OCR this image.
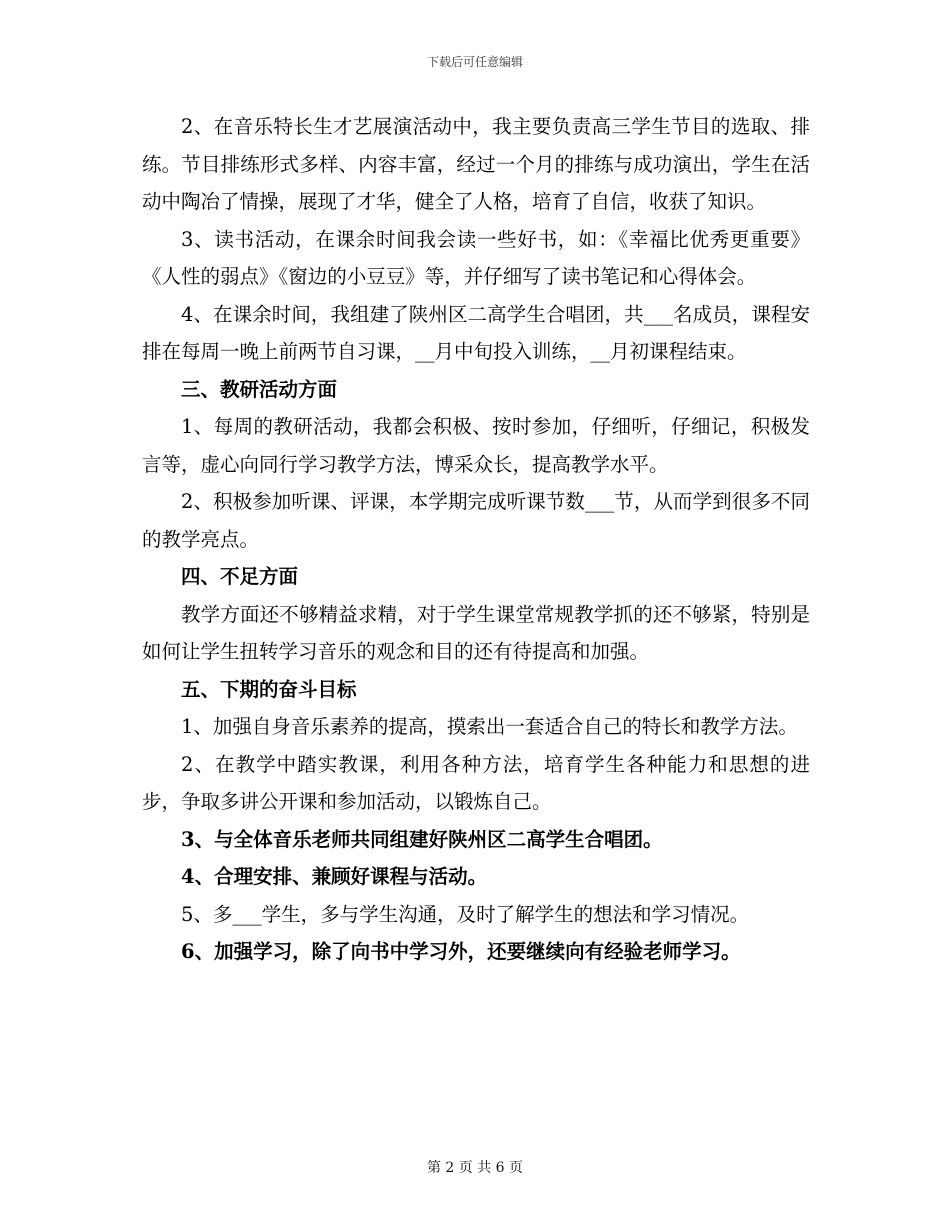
下载后可任意编辑

2、在音乐特长生才艺展演活动中，我主要负责高三学生节目的选取、排练。节目排练形式多样、内容丰富，经过一个月的排练与成功演出，学生在活动中陶冶了情操，展现了才华，健全了人格，培育了自信，收获了知识。

3、读书活动，在课余时间我会读一些好书，如：《幸福比优秀更重要》《人性的弱点》《窗边的小豆豆》等，并仔细写了读书笔记和心得体会。

4、在课余时间，我组建了陕州区二高学生合唱团，共___名成员，课程安排在每周一晚上前两节自习课，__月中旬投入训练，__月初课程结束。

三、教研活动方面

1、每周的教研活动，我都会积极、按时参加，仔细听，仔细记，积极发言等，虚心向同行学习教学方法，博采众长，提高教学水平。

2、积极参加听课、评课，本学期完成听课节数___节，从而学到很多不同的教学亮点。

四、不足方面

教学方面还不够精益求精，对于学生课堂常规教学抓的还不够紧，特别是如何让学生扭转学习音乐的观念和目的还有待提高和加强。

五、下期的奋斗目标

1、加强自身音乐素养的提高，摸索出一套适合自己的特长和教学方法。

2、在教学中踏实教课，利用各种方法，培育学生各种能力和思想的进步，争取多讲公开课和参加活动，以锻炼自己。

3、与全体音乐老师共同组建好陕州区二高学生合唱团。

4、合理安排、兼顾好课程与活动。

5、多___学生，多与学生沟通，及时了解学生的想法和学习情况。

6、加强学习，除了向书中学习外，还要继续向有经验老师学习。

第 2 页 共 6 页
